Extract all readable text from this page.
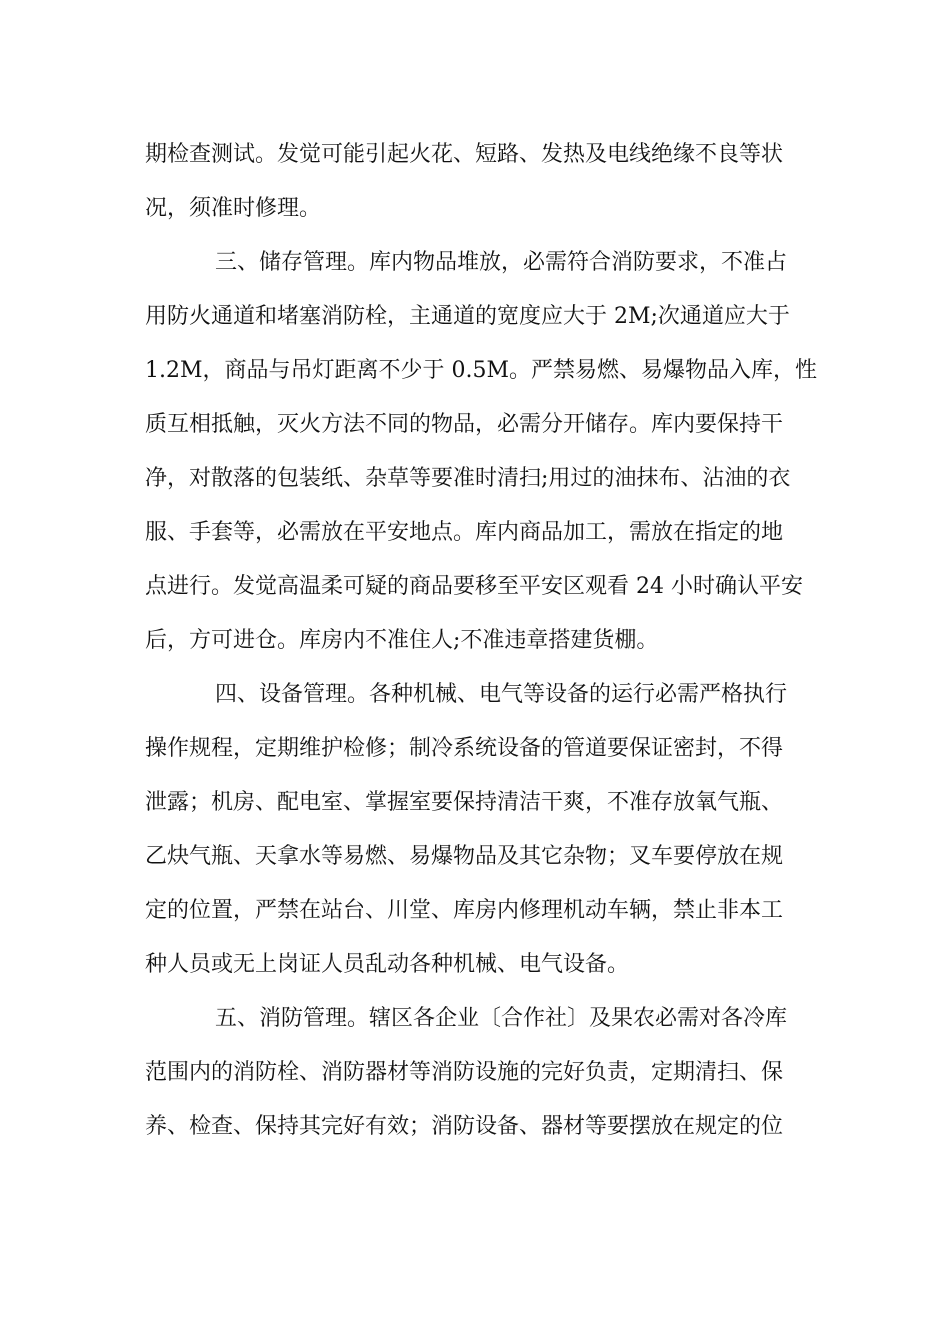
期检查测试。发觉可能引起火花、短路、发热及电线绝缘不良等状
况，须准时修理。
三、储存管理。库内物品堆放，必需符合消防要求，不准占
用防火通道和堵塞消防栓，主通道的宽度应大于 2M;次通道应大于
1.2M，商品与吊灯距离不少于 0.5M。严禁易燃、易爆物品入库，性
质互相抵触，灭火方法不同的物品，必需分开储存。库内要保持干
净，对散落的包装纸、杂草等要准时清扫;用过的油抹布、沾油的衣
服、手套等，必需放在平安地点。库内商品加工，需放在指定的地
点进行。发觉高温柔可疑的商品要移至平安区观看 24 小时确认平安
后，方可进仓。库房内不准住人;不准违章搭建货棚。
四、设备管理。各种机械、电气等设备的运行必需严格执行
操作规程，定期维护检修；制冷系统设备的管道要保证密封，不得
泄露；机房、配电室、掌握室要保持清洁干爽，不准存放氧气瓶、
乙炔气瓶、天拿水等易燃、易爆物品及其它杂物；叉车要停放在规
定的位置，严禁在站台、川堂、库房内修理机动车辆，禁止非本工
种人员或无上岗证人员乱动各种机械、电气设备。
五、消防管理。辖区各企业〔合作社〕及果农必需对各冷库
范围内的消防栓、消防器材等消防设施的完好负责，定期清扫、保
养、检查、保持其完好有效；消防设备、器材等要摆放在规定的位
